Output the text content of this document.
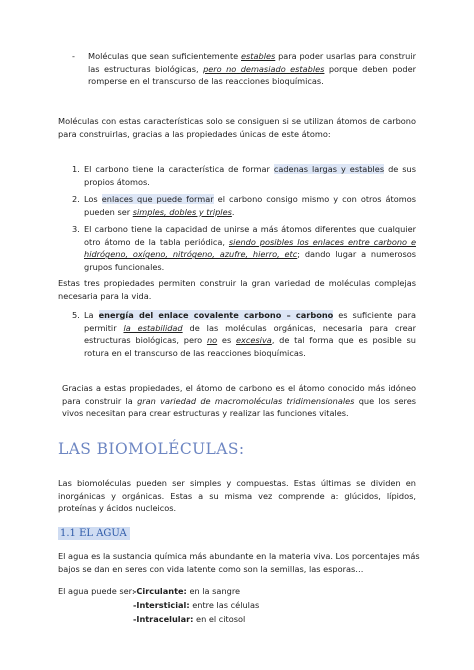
- Moléculas que sean suficientemente estables para poder usarlas para construir las estructuras biológicas, pero no demasiado estables porque deben poder romperse en el transcurso de las reacciones bioquímicas.
Moléculas con estas características solo se consiguen si se utilizan átomos de carbono para construirlas, gracias a las propiedades únicas de este átomo:
1. El carbono tiene la característica de formar cadenas largas y estables de sus propios átomos.
2. Los enlaces que puede formar el carbono consigo mismo y con otros átomos pueden ser simples, dobles y triples.
3. El carbono tiene la capacidad de unirse a más átomos diferentes que cualquier otro átomo de la tabla periódica, siendo posibles los enlaces entre carbono e hidrógeno, oxígeno, nitrógeno, azufre, hierro, etc; dando lugar a numerosos grupos funcionales.
Estas tres propiedades permiten construir la gran variedad de moléculas complejas necesaria para la vida.
5. La energía del enlace covalente carbono – carbono es suficiente para permitir la estabilidad de las moléculas orgánicas, necesaria para crear estructuras biológicas, pero no es excesiva, de tal forma que es posible su rotura en el transcurso de las reacciones bioquímicas.
Gracias a estas propiedades, el átomo de carbono es el átomo conocido más idóneo para construir la gran variedad de macromoléculas tridimensionales que los seres vivos necesitan para crear estructuras y realizar las funciones vitales.
LAS BIOMOLÉCULAS:
Las biomoléculas pueden ser simples y compuestas. Estas últimas se dividen en inorgánicas y orgánicas. Estas a su misma vez comprende a: glúcidos, lípidos, proteínas y ácidos nucleicos.
1.1 EL AGUA
El agua es la sustancia química más abundante en la materia viva. Los porcentajes más bajos se dan en seres con vida latente como son la semillas, las esporas…
El agua puede ser:
-Circulante: en la sangre
-Intersticial: entre las células
-Intracelular: en el citosol
